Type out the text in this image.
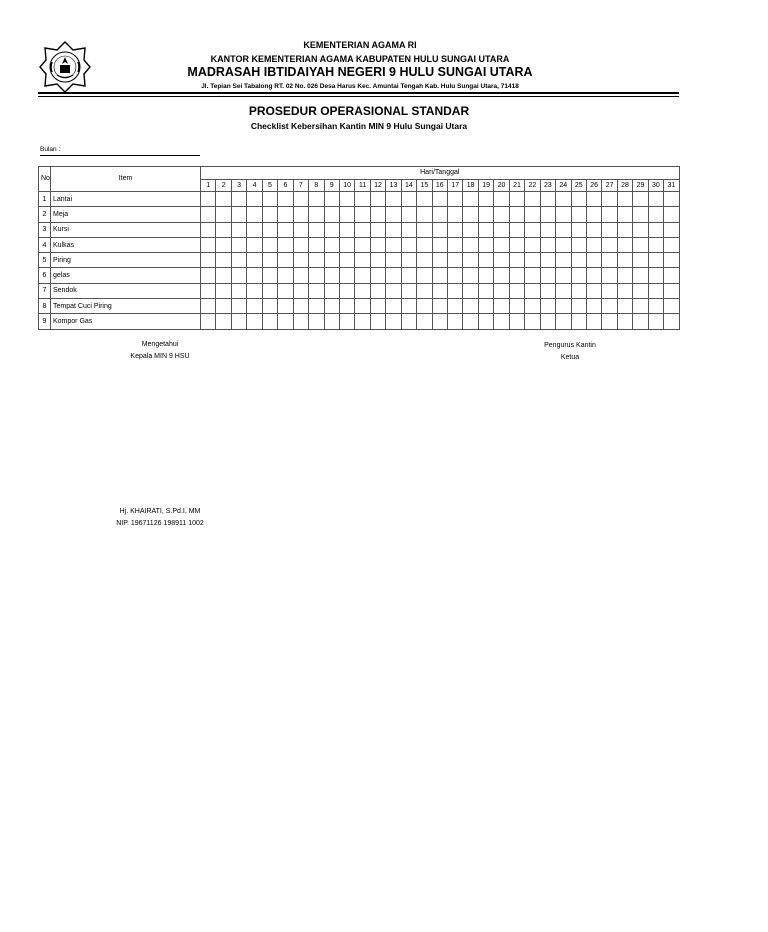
KEMENTERIAN AGAMA RI
KANTOR KEMENTERIAN AGAMA KABUPATEN HULU SUNGAI UTARA
MADRASAH IBTIDAIYAH NEGERI 9 HULU SUNGAI UTARA
Jl. Tepian Sei Tabalong RT. 02 No. 026 Desa Harus Kec. Amuntai Tengah Kab. Hulu Sungai Utara, 71418
PROSEDUR OPERASIONAL STANDAR
Checklist Kebersihan Kantin MIN 9 Hulu Sungai Utara
Bulan :
No	Item	Hari/Tanggal																														
		1	2	3	4	5	6	7	8	9	10	11	12	13	14	15	16	17	18	19	20	21	22	23	24	25	26	27	28	29	30	31
1	Lantai																															
2	Meja																															
3	Kursi																															
4	Kulkas																															
5	Piring																															
6	gelas																															
7	Sendok																															
8	Tempat Cuci Piring																															
9	Kompor Gas																															
Mengetahui
Kepala MIN 9 HSU
Pengurus Kantin
Ketua
Hj. KHAIRATI, S.Pd.I, MM
NIP. 19671126 198911 1002
